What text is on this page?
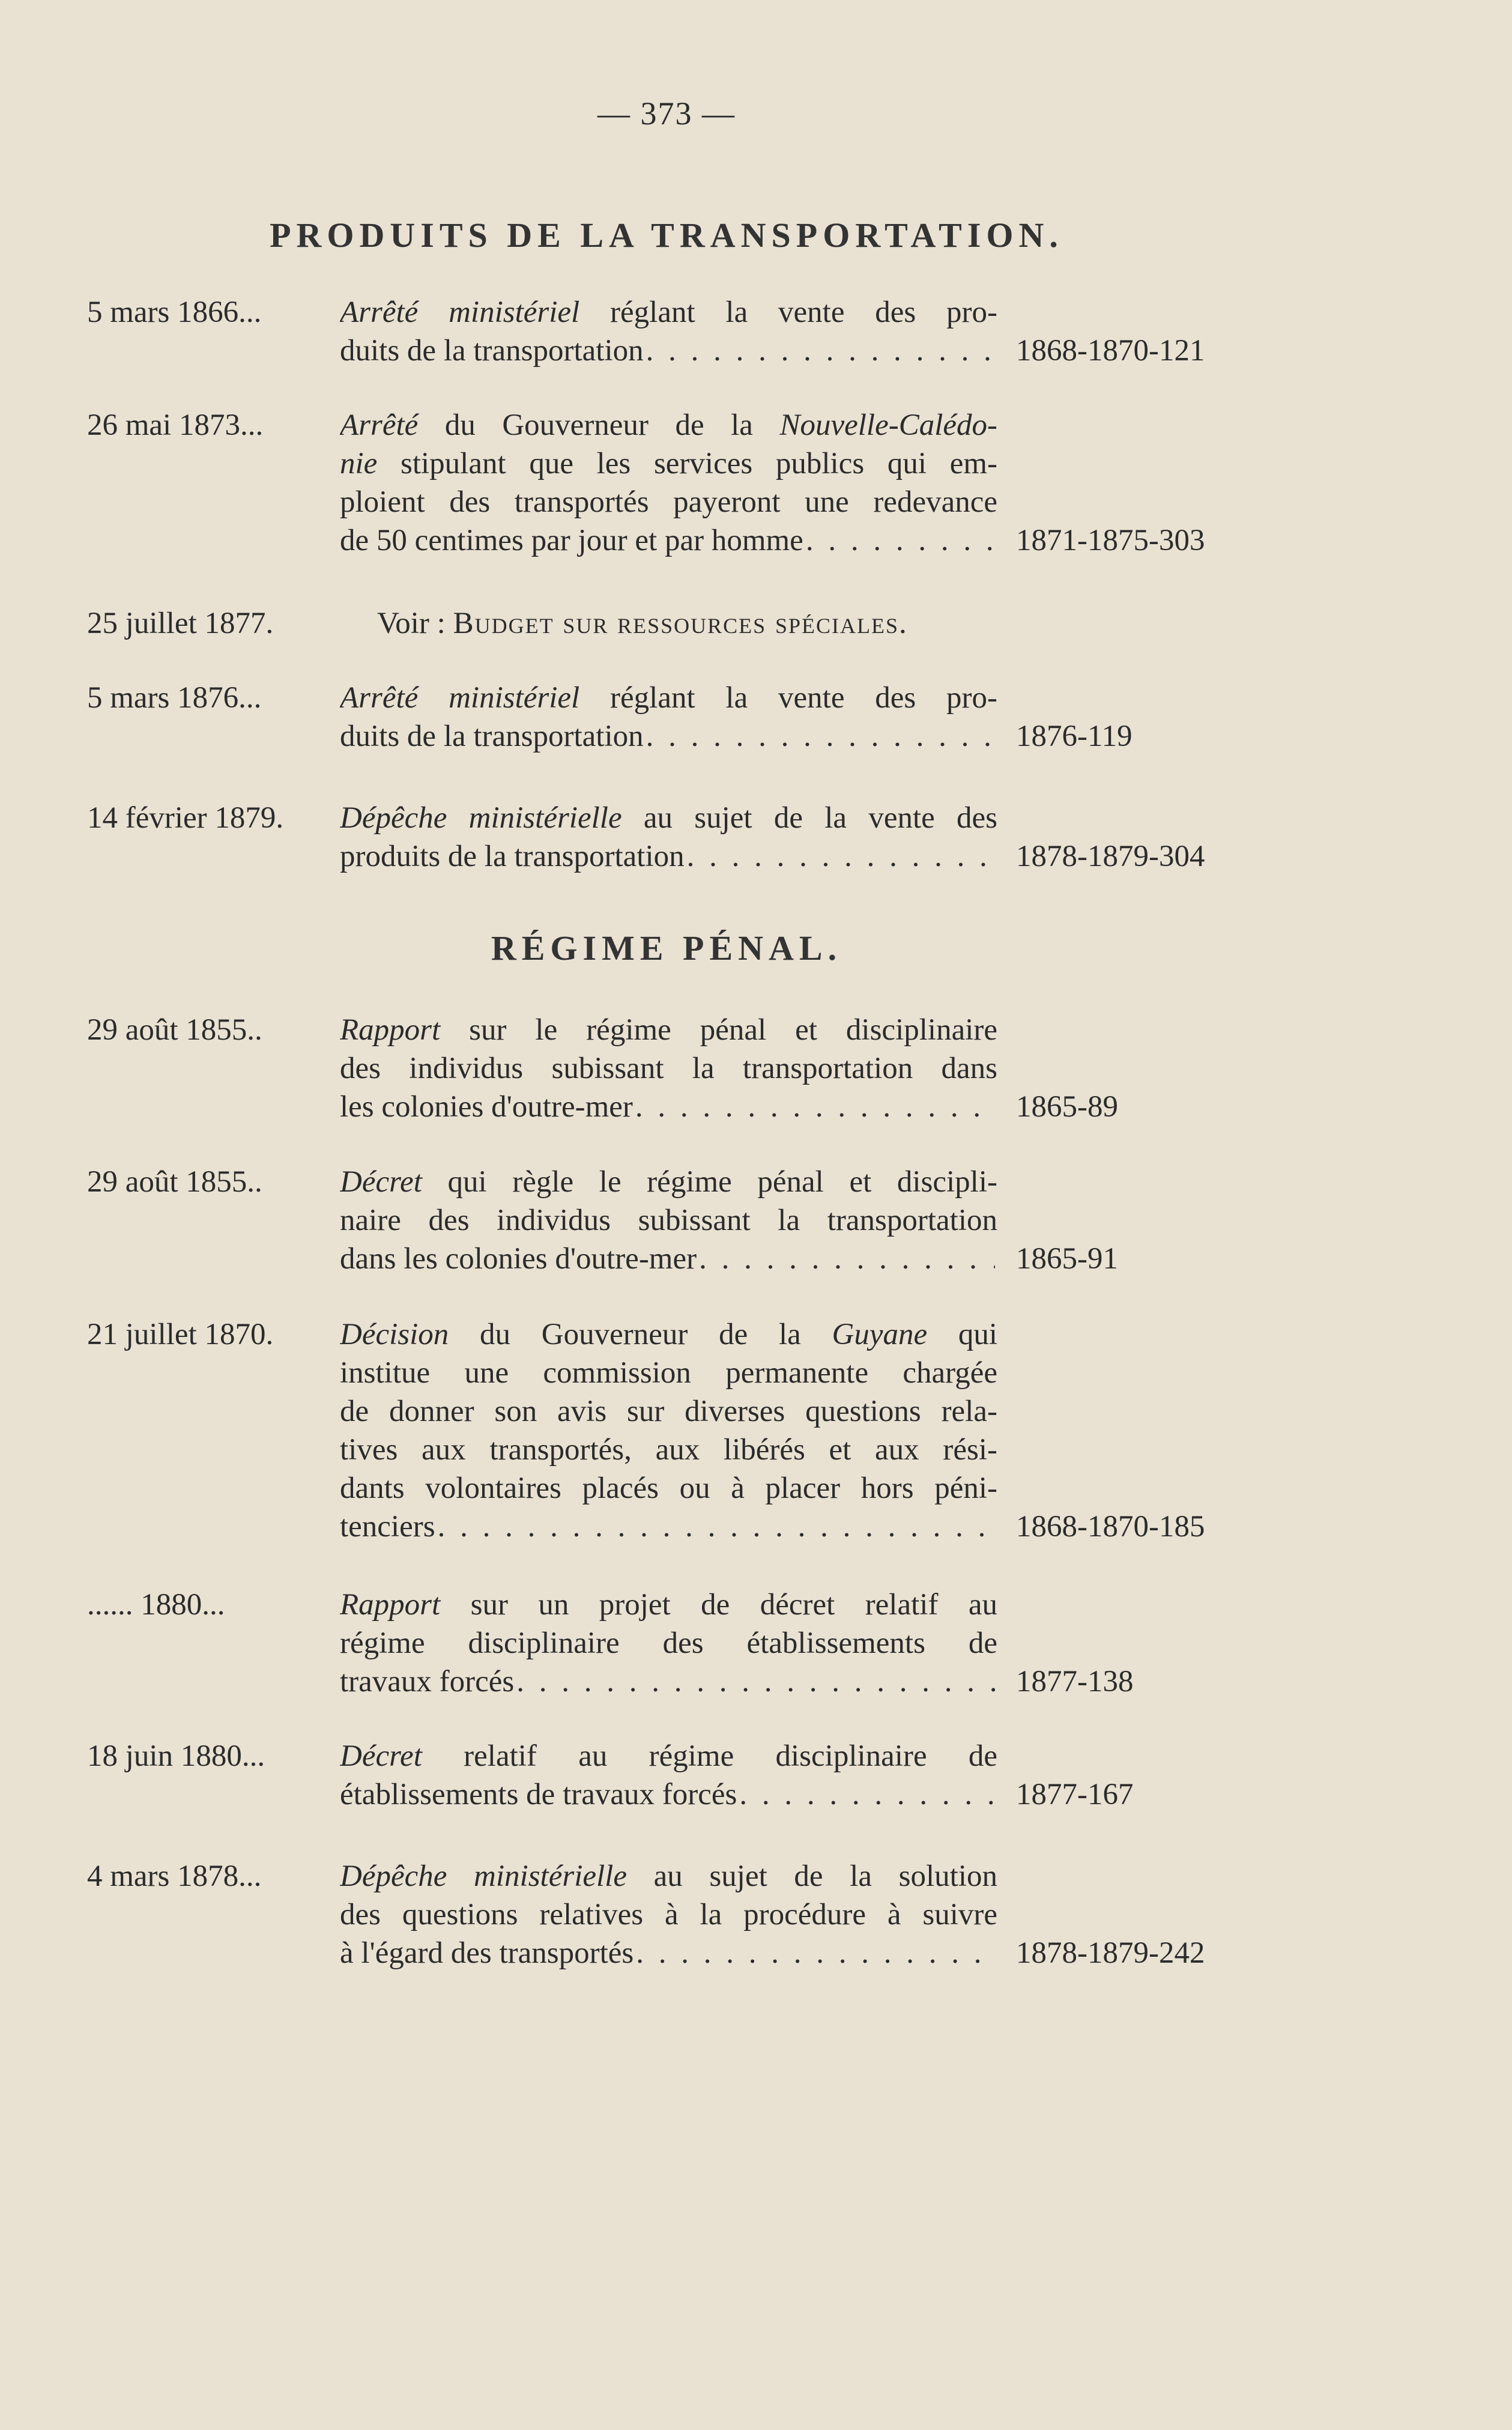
— 373 —
PRODUITS DE LA TRANSPORTATION.
5 mars 1866...	Arrêté ministériel réglant la vente des pro-
duits de la transportation . . .	1868-1870-121
26 mai 1873...	Arrêté du Gouverneur de la Nouvelle-Calédo-
nie stipulant que les services publics qui em-
ploient des transportés payeront une redevance
de 50 centimes par jour et par homme . . .	1871-1875-303
25 juillet 1877.	Voir : Budget sur ressources spéciales.
5 mars 1876...	Arrêté ministériel réglant la vente des pro-
duits de la transportation . . .	1876-119
14 février 1879.	Dépêche ministérielle au sujet de la vente des
produits de la transportation . . .	1878-1879-304
RÉGIME PÉNAL.
29 août 1855..	Rapport sur le régime pénal et disciplinaire
des individus subissant la transportation dans
les colonies d'outre-mer . . .	1865-89
29 août 1855..	Décret qui règle le régime pénal et discipli-
naire des individus subissant la transportation
dans les colonies d'outre-mer . . .	1865-91
21 juillet 1870.	Décision du Gouverneur de la Guyane qui
institue une commission permanente chargée
de donner son avis sur diverses questions rela-
tives aux transportés, aux libérés et aux rési-
dants volontaires placés ou à placer hors péni-
tenciers . . .	1868-1870-185
...... 1880...	Rapport sur un projet de décret relatif au
régime disciplinaire des établissements de
travaux forcés . . .	1877-138
18 juin 1880...	Décret relatif au régime disciplinaire de
établissements de travaux forcés . . .	1877-167
4 mars 1878...	Dépêche ministérielle au sujet de la solution
des questions relatives à la procédure à suivre
à l'égard des transportés . . .	1878-1879-242
